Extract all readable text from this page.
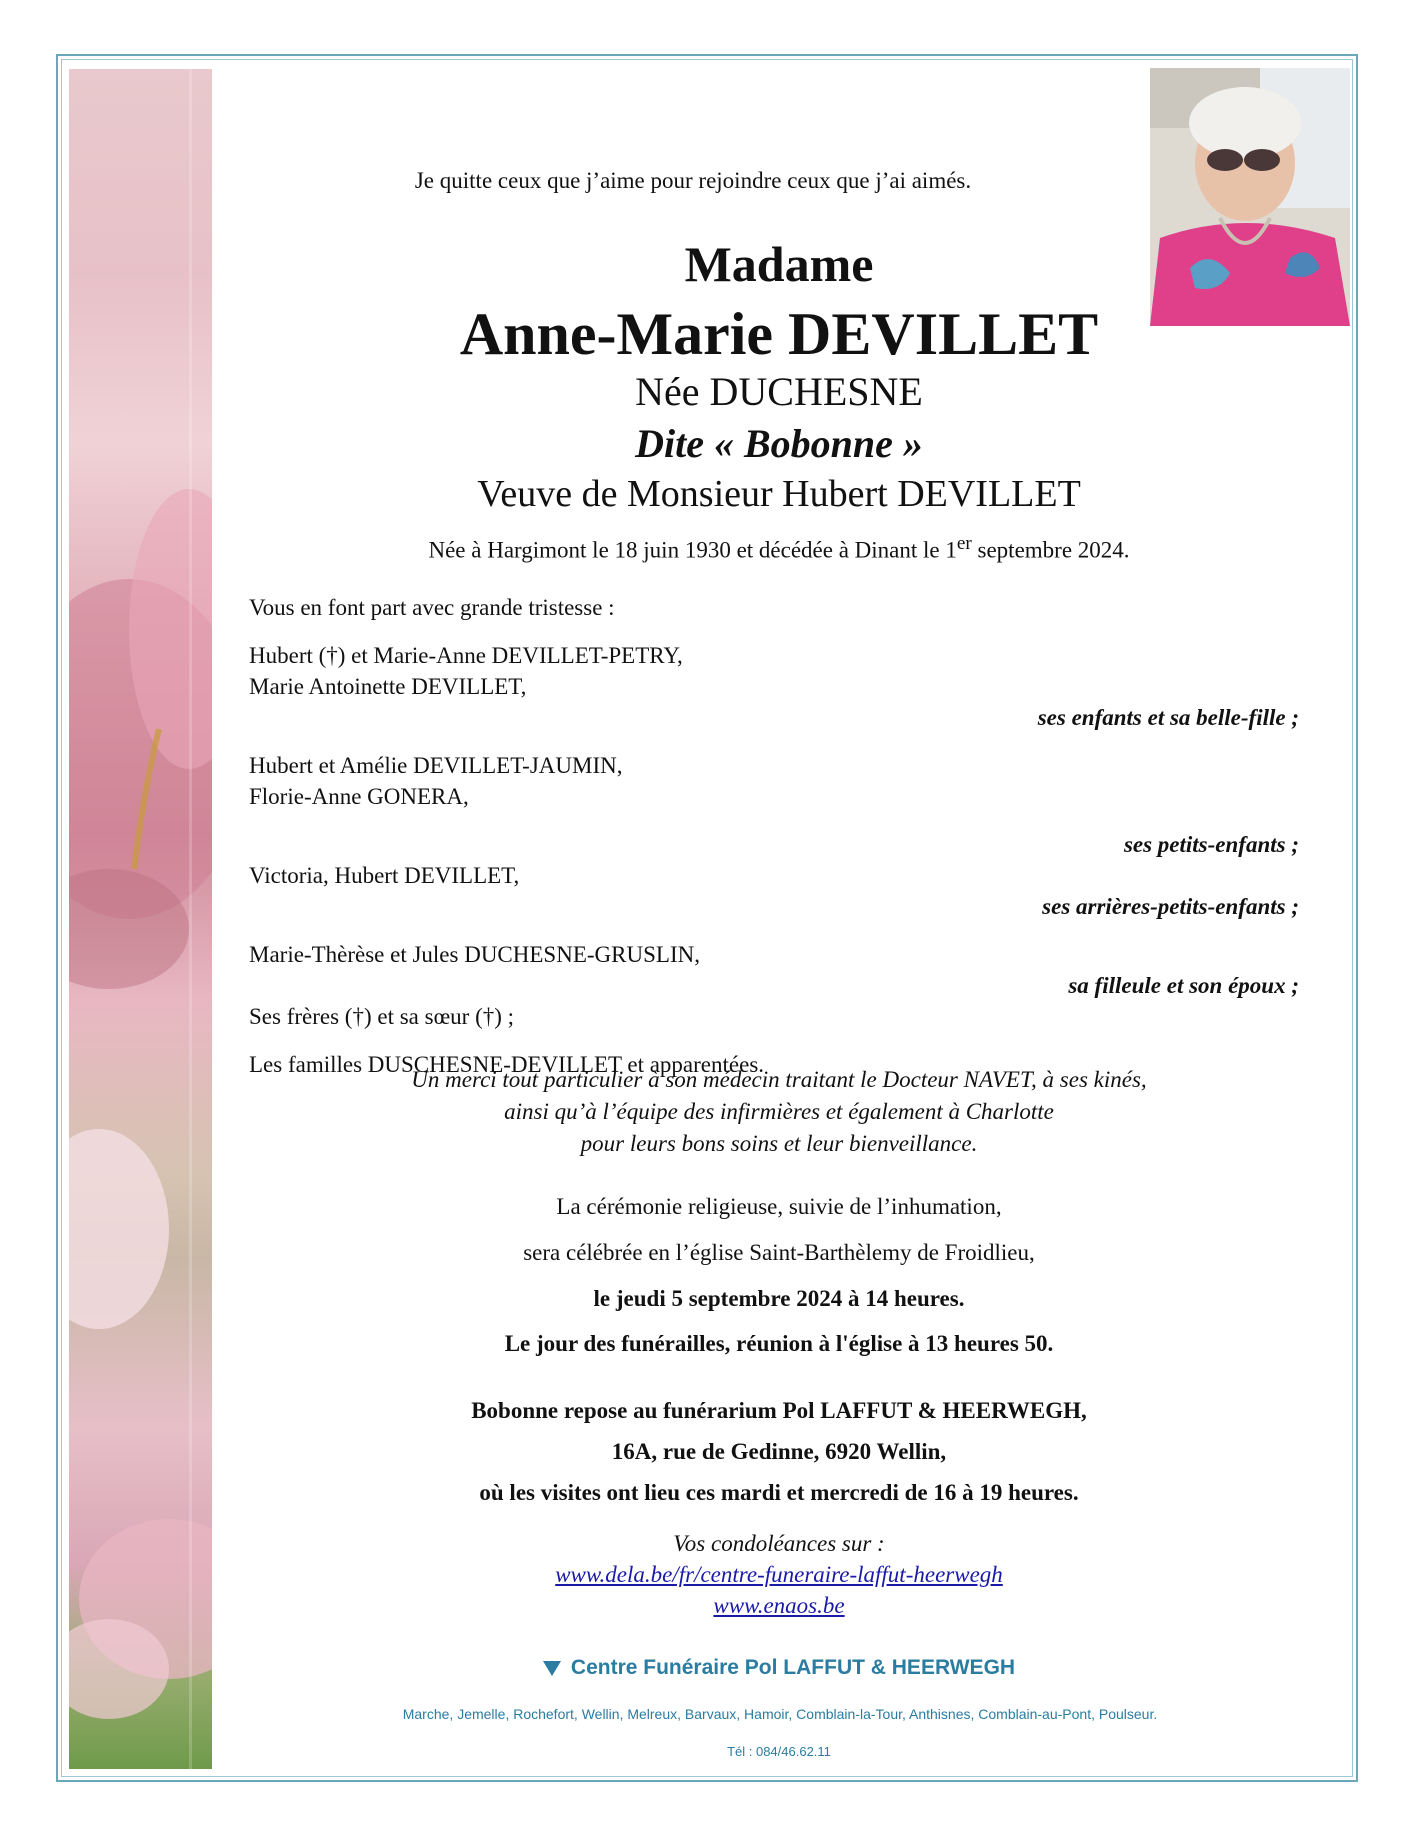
Je quitte ceux que j’aime pour rejoindre ceux que j’ai aimés.
Madame
Anne-Marie DEVILLET
Née DUCHESNE
Dite « Bobonne »
Veuve de Monsieur Hubert DEVILLET
Née à Hargimont le 18 juin 1930 et décédée à Dinant le 1er septembre 2024.

Vous en font part avec grande tristesse :

Hubert (†) et Marie-Anne DEVILLET-PETRY,

Marie Antoinette DEVILLET,

ses enfants et sa belle-fille ;

Hubert et Amélie DEVILLET-JAUMIN,

Florie-Anne GONERA,

ses petits-enfants ;

Victoria, Hubert DEVILLET,

ses arrières-petits-enfants ;

Marie-Thèrèse et Jules DUCHESNE-GRUSLIN,

sa filleule et son époux ;

Ses frères (†) et sa sœur (†) ;

Les familles DUSCHESNE-DEVILLET et apparentées.

Un merci tout particulier à son médecin traitant le Docteur NAVET, à ses kinés,
ainsi qu’à l’équipe des infirmières et également à Charlotte
pour leurs bons soins et leur bienveillance.
La cérémonie religieuse, suivie de l’inhumation,
sera célébrée en l’église Saint-Barthèlemy de Froidlieu,
le jeudi 5 septembre 2024 à 14 heures.
Le jour des funérailles, réunion à l'église à 13 heures 50.
Bobonne repose au funérarium Pol LAFFUT & HEERWEGH,
16A, rue de Gedinne, 6920 Wellin,
où les visites ont lieu ces mardi et mercredi de 16 à 19 heures.
Vos condoléances sur :
www.dela.be/fr/centre-funeraire-laffut-heerwegh
www.enaos.be
Centre Funéraire Pol LAFFUT & HEERWEGH
Marche, Jemelle, Rochefort, Wellin, Melreux, Barvaux, Hamoir, Comblain-la-Tour, Anthisnes, Comblain-au-Pont, Poulseur.
Tél : 084/46.62.11
